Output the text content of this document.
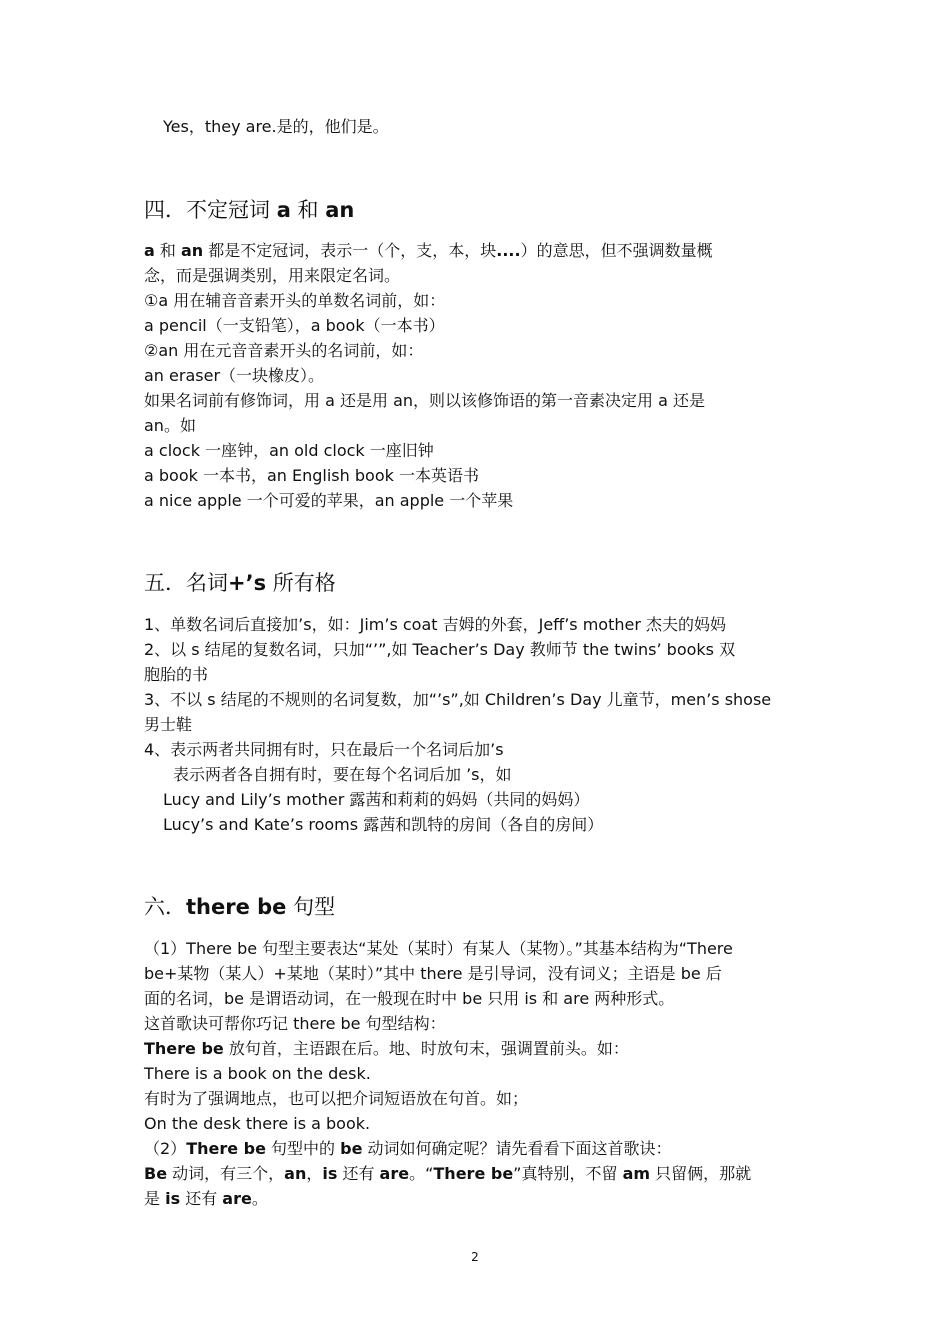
Yes，they are.是的，他们是。
四．不定冠词 a 和 an
a 和 an 都是不定冠词，表示一（个，支，本，块....）的意思，但不强调数量概
念，而是强调类别，用来限定名词。
①a 用在辅音音素开头的单数名词前，如：
a pencil（一支铅笔），a book（一本书）
②an 用在元音音素开头的名词前，如：
an eraser（一块橡皮）。
如果名词前有修饰词，用 a 还是用 an，则以该修饰语的第一音素决定用 a 还是
an。如
a clock 一座钟，an old clock 一座旧钟
a book 一本书，an English book 一本英语书
a nice apple 一个可爱的苹果，an apple 一个苹果
五．名词+’s 所有格
1、单数名词后直接加’s，如：Jim’s coat 吉姆的外套，Jeff’s mother 杰夫的妈妈
2、以 s 结尾的复数名词，只加“’”,如 Teacher’s Day 教师节 the twins’ books 双
胞胎的书
3、不以 s 结尾的不规则的名词复数，加“’s”,如 Children’s Day 儿童节，men’s shose
男士鞋
4、表示两者共同拥有时，只在最后一个名词后加’s
表示两者各自拥有时，要在每个名词后加 ’s，如
Lucy and Lily’s mother 露茜和莉莉的妈妈（共同的妈妈）
Lucy’s and Kate’s rooms 露茜和凯特的房间（各自的房间）
六．there be 句型
（1）There be 句型主要表达“某处（某时）有某人（某物）。”其基本结构为“There
be+某物（某人）+某地（某时）”其中 there 是引导词，没有词义；主语是 be 后
面的名词，be 是谓语动词，在一般现在时中 be 只用 is 和 are 两种形式。
这首歌诀可帮你巧记 there be 句型结构：
There be 放句首，主语跟在后。地、时放句末，强调置前头。如：
There is a book on the desk.
有时为了强调地点，也可以把介词短语放在句首。如；
On the desk there is a book.
（2）There be 句型中的 be 动词如何确定呢？请先看看下面这首歌诀：
Be 动词，有三个，an，is 还有 are。“There be”真特别，不留 am 只留俩，那就
是 is 还有 are。
2
